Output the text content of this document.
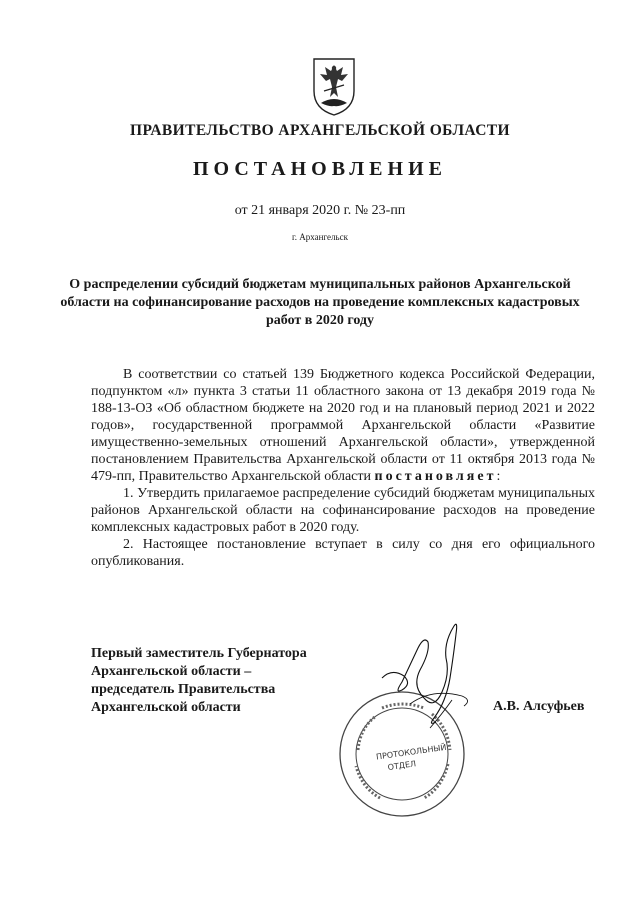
ПРАВИТЕЛЬСТВО АРХАНГЕЛЬСКОЙ ОБЛАСТИ
ПОСТАНОВЛЕНИЕ
от 21 января 2020 г. № 23-пп
г. Архангельск
О распределении субсидий бюджетам муниципальных районов Архангельской области на софинансирование расходов на проведение комплексных кадастровых работ в 2020 году

В соответствии со статьей 139 Бюджетного кодекса Российской Федерации, подпунктом «л» пункта 3 статьи 11 областного закона от 13 декабря 2019 года № 188-13-ОЗ «Об областном бюджете на 2020 год и на плановый период 2021 и 2022 годов», государственной программой Архангельской области «Развитие имущественно-земельных отношений Архангельской области», утвержденной постановлением Правительства Архангельской области от 11 октября 2013 года № 479-пп, Правительство Архангельской области постановляет:

1. Утвердить прилагаемое распределение субсидий бюджетам муниципальных районов Архангельской области на софинансирование расходов на проведение комплексных кадастровых работ в 2020 году.

2. Настоящее постановление вступает в силу со дня его официального опубликования.

Первый заместитель Губернатора
Архангельской области –
председатель Правительства
Архангельской области	А.В. Алсуфьев
ПРОТОКОЛЬНЫЙ
ОТДЕЛ
